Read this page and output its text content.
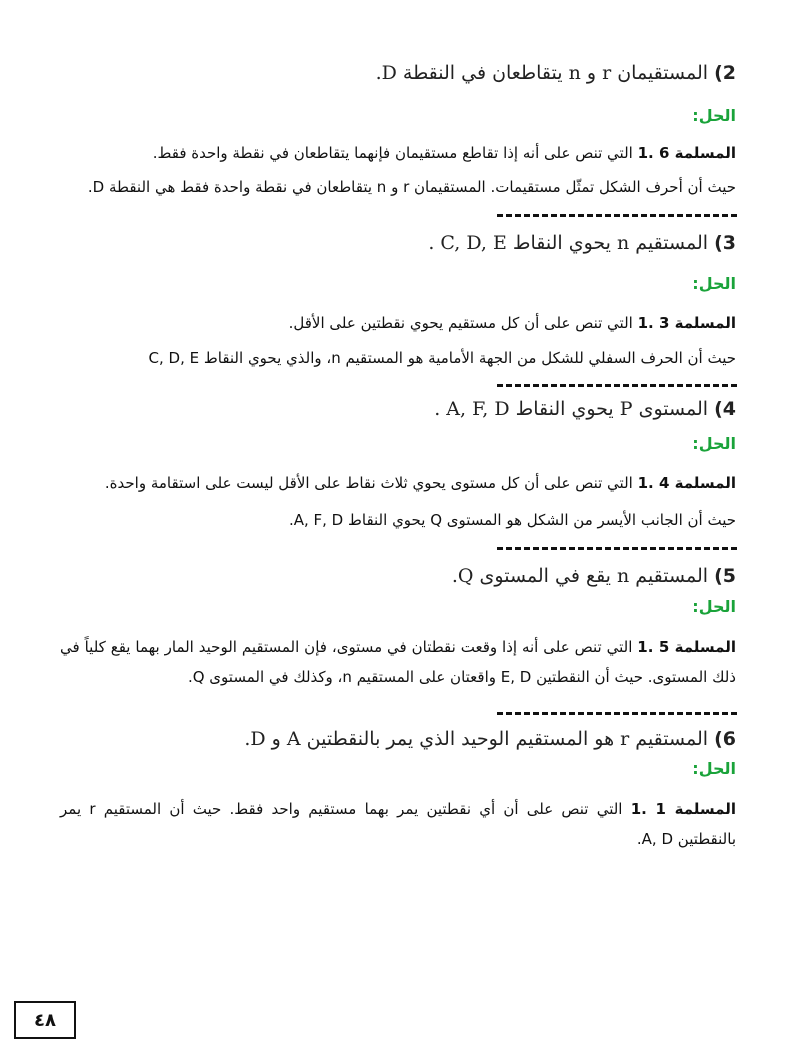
2) المستقيمان r و n يتقاطعان في النقطة D.
الحل:
المسلمة 6 .1 التي تنص على أنه إذا تقاطع مستقيمان فإنهما يتقاطعان في نقطة واحدة فقط.
حيث أن أحرف الشكل تمثّل مستقيمات. المستقيمان r و n يتقاطعان في نقطة واحدة فقط هي النقطة D.
3) المستقيم n يحوي النقاط C, D, E .
الحل:
المسلمة 3 .1 التي تنص على أن كل مستقيم يحوي نقطتين على الأقل.
حيث أن الحرف السفلي للشكل من الجهة الأمامية هو المستقيم n، والذي يحوي النقاط C, D, E
4) المستوى P يحوي النقاط A, F, D .
الحل:
المسلمة 4 .1 التي تنص على أن كل مستوى يحوي ثلاث نقاط على الأقل ليست على استقامة واحدة.
حيث أن الجانب الأيسر من الشكل هو المستوى Q يحوي النقاط A, F, D.
5) المستقيم n يقع في المستوى Q.
الحل:
المسلمة 5 .1 التي تنص على أنه إذا وقعت نقطتان في مستوى، فإن المستقيم الوحيد المار بهما يقع كلياً في ذلك المستوى. حيث أن النقطتين E, D واقعتان على المستقيم n، وكذلك في المستوى Q.
6) المستقيم r هو المستقيم الوحيد الذي يمر بالنقطتين A و D.
الحل:
المسلمة 1 .1 التي تنص على أن أي نقطتين يمر بهما مستقيم واحد فقط. حيث أن المستقيم r يمر بالنقطتين A, D.
٤٨
